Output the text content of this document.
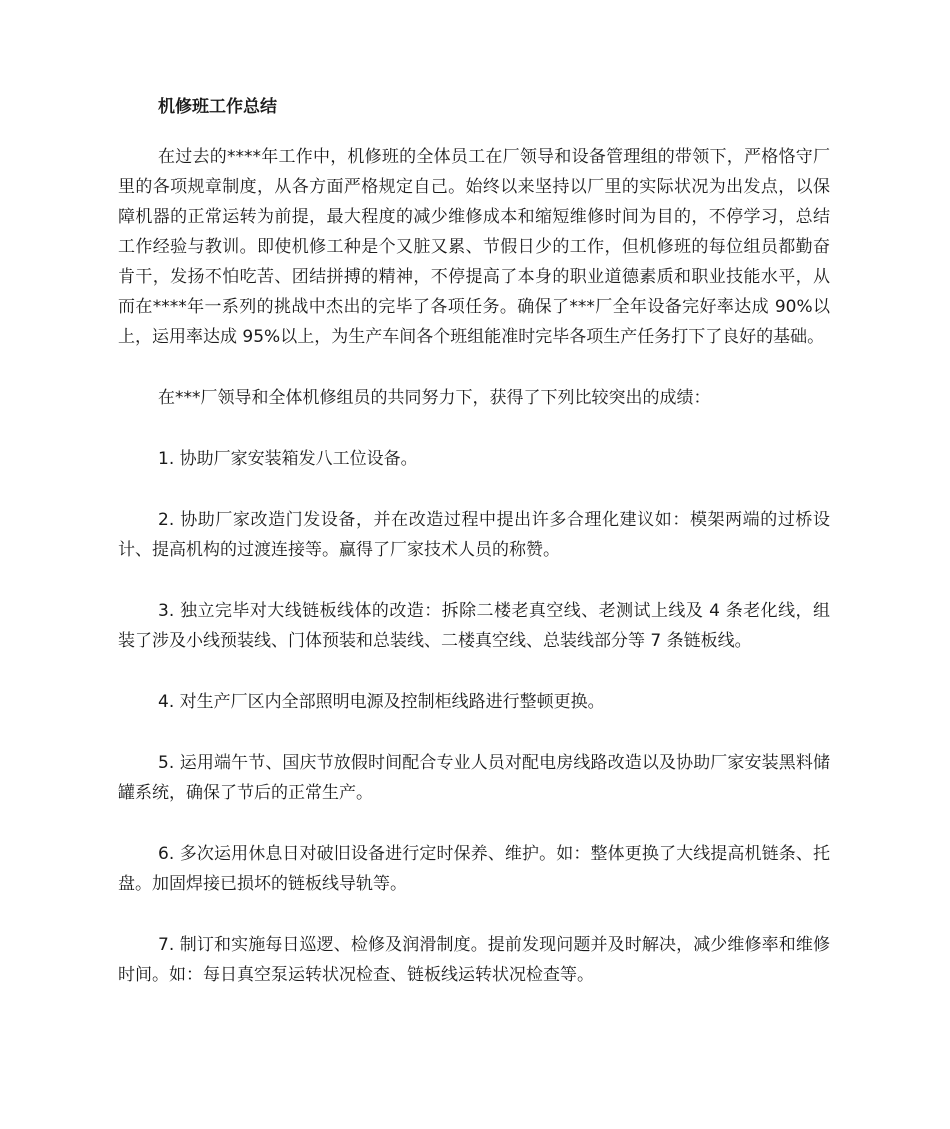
机修班工作总结

在过去的****年工作中，机修班的全体员工在厂领导和设备管理组的带领下，严格恪守厂里的各项规章制度，从各方面严格规定自己。始终以来坚持以厂里的实际状况为出发点，以保障机器的正常运转为前提，最大程度的减少维修成本和缩短维修时间为目的，不停学习，总结工作经验与教训。即使机修工种是个又脏又累、节假日少的工作，但机修班的每位组员都勤奋肯干，发扬不怕吃苦、团结拼搏的精神，不停提高了本身的职业道德素质和职业技能水平，从而在****年一系列的挑战中杰出的完毕了各项任务。确保了***厂全年设备完好率达成 90%以上，运用率达成 95%以上，为生产车间各个班组能准时完毕各项生产任务打下了良好的基础。

在***厂领导和全体机修组员的共同努力下，获得了下列比较突出的成绩：

1. 协助厂家安装箱发八工位设备。

2. 协助厂家改造门发设备，并在改造过程中提出许多合理化建议如：模架两端的过桥设计、提高机构的过渡连接等。赢得了厂家技术人员的称赞。

3. 独立完毕对大线链板线体的改造：拆除二楼老真空线、老测试上线及 4 条老化线，组装了涉及小线预装线、门体预装和总装线、二楼真空线、总装线部分等 7 条链板线。

4. 对生产厂区内全部照明电源及控制柜线路进行整顿更换。

5. 运用端午节、国庆节放假时间配合专业人员对配电房线路改造以及协助厂家安装黑料储罐系统，确保了节后的正常生产。

6. 多次运用休息日对破旧设备进行定时保养、维护。如：整体更换了大线提高机链条、托盘。加固焊接已损坏的链板线导轨等。

7. 制订和实施每日巡逻、检修及润滑制度。提前发现问题并及时解决，减少维修率和维修时间。如：每日真空泵运转状况检查、链板线运转状况检查等。
